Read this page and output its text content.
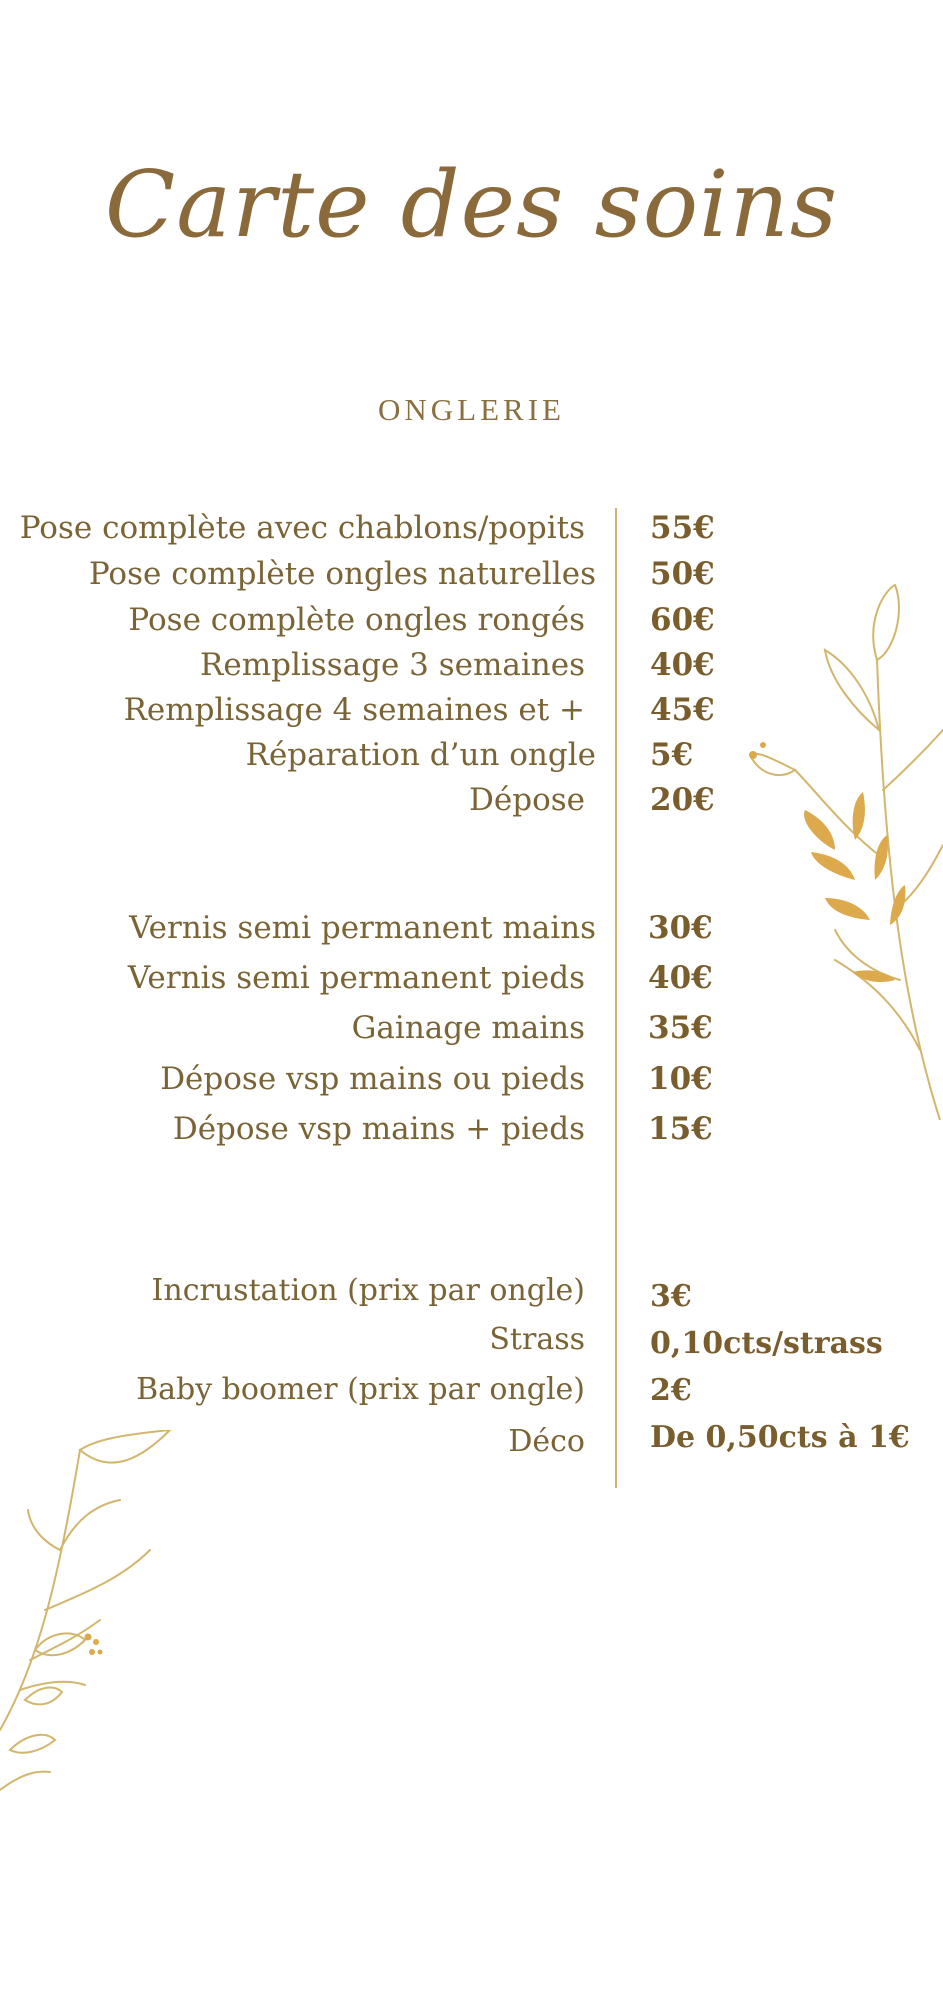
Carte des soins
ONGLERIE
Pose complète avec chablons/popits 55€
Pose complète ongles naturelles 50€
Pose complète ongles rongés 60€
Remplissage 3 semaines 40€
Remplissage 4 semaines et + 45€
Réparation d’un ongle 5€
Dépose 20€
Vernis semi permanent mains 30€
Vernis semi permanent pieds 40€
Gainage mains 35€
Dépose vsp mains ou pieds 10€
Dépose vsp mains + pieds 15€
Incrustation (prix par ongle) 3€
Strass 0,10cts/strass
Baby boomer (prix par ongle) 2€
Déco De 0,50cts à 1€
